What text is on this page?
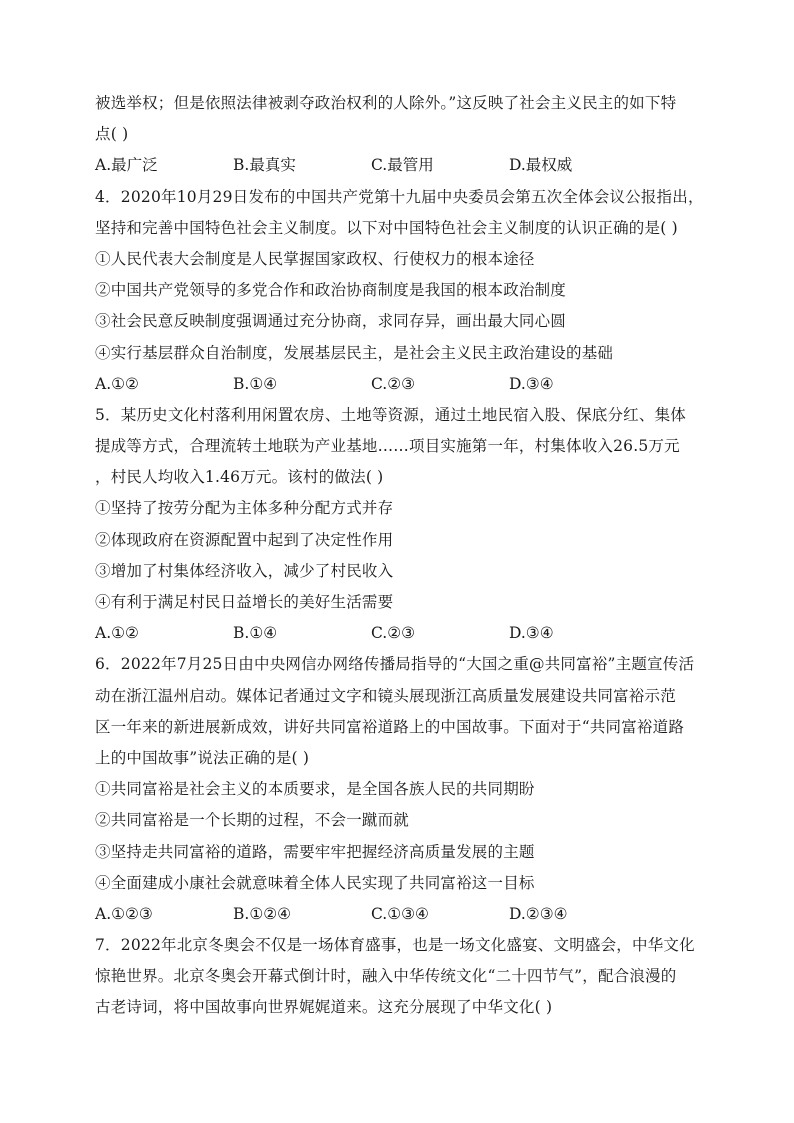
被选举权；但是依照法律被剥夺政治权利的人除外。”这反映了社会主义民主的如下特
点( )
A.最广泛	B.最真实	C.最管用	D.最权威
4．2020年10月29日发布的中国共产党第十九届中央委员会第五次全体会议公报指出，
坚持和完善中国特色社会主义制度。以下对中国特色社会主义制度的认识正确的是( )
①人民代表大会制度是人民掌握国家政权、行使权力的根本途径
②中国共产党领导的多党合作和政治协商制度是我国的根本政治制度
③社会民意反映制度强调通过充分协商，求同存异，画出最大同心圆
④实行基层群众自治制度，发展基层民主，是社会主义民主政治建设的基础
A.①②	B.①④	C.②③	D.③④
5．某历史文化村落利用闲置农房、土地等资源，通过土地民宿入股、保底分红、集体
提成等方式，合理流转土地联为产业基地……项目实施第一年，村集体收入26.5万元
，村民人均收入1.46万元。该村的做法( )
①坚持了按劳分配为主体多种分配方式并存
②体现政府在资源配置中起到了决定性作用
③增加了村集体经济收入，减少了村民收入
④有利于满足村民日益增长的美好生活需要
A.①②	B.①④	C.②③	D.③④
6．2022年7月25日由中央网信办网络传播局指导的“大国之重@共同富裕”主题宣传活
动在浙江温州启动。媒体记者通过文字和镜头展现浙江高质量发展建设共同富裕示范
区一年来的新进展新成效，讲好共同富裕道路上的中国故事。下面对于“共同富裕道路
上的中国故事”说法正确的是( )
①共同富裕是社会主义的本质要求，是全国各族人民的共同期盼
②共同富裕是一个长期的过程，不会一蹴而就
③坚持走共同富裕的道路，需要牢牢把握经济高质量发展的主题
④全面建成小康社会就意味着全体人民实现了共同富裕这一目标
A.①②③	B.①②④	C.①③④	D.②③④
7．2022年北京冬奥会不仅是一场体育盛事，也是一场文化盛宴、文明盛会，中华文化
惊艳世界。北京冬奥会开幕式倒计时，融入中华传统文化“二十四节气”，配合浪漫的
古老诗词，将中国故事向世界娓娓道来。这充分展现了中华文化( )
